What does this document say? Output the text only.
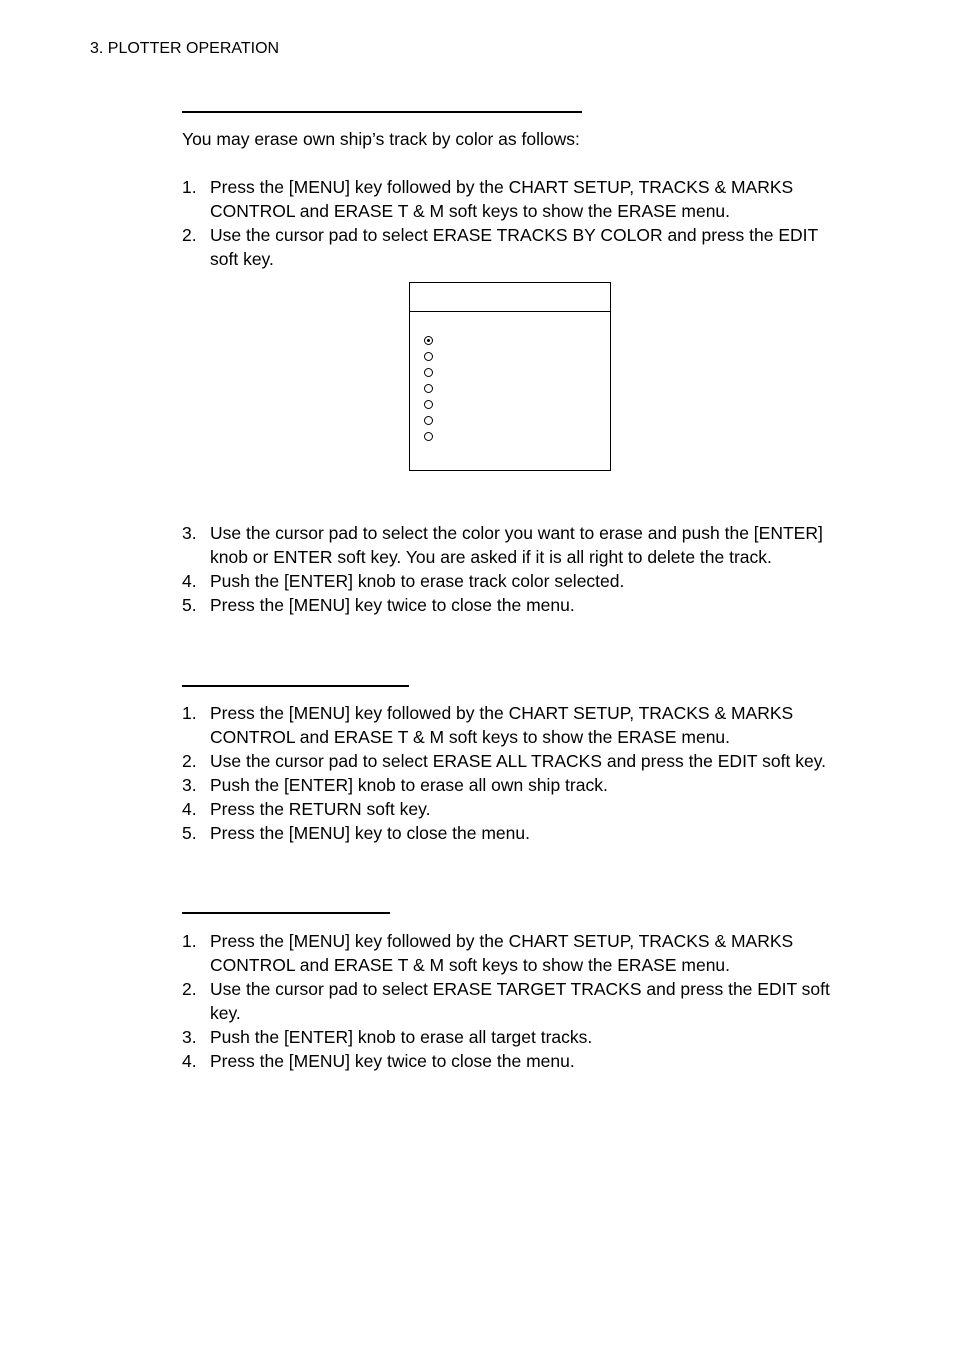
3. PLOTTER OPERATION
You may erase own ship’s track by color as follows:
1. Press the [MENU] key followed by the CHART SETUP, TRACKS & MARKS CONTROL and ERASE T & M soft keys to show the ERASE menu.
2. Use the cursor pad to select ERASE TRACKS BY COLOR and press the EDIT soft key.
3. Use the cursor pad to select the color you want to erase and push the [ENTER] knob or ENTER soft key. You are asked if it is all right to delete the track.
4. Push the [ENTER] knob to erase track color selected.
5. Press the [MENU] key twice to close the menu.
1. Press the [MENU] key followed by the CHART SETUP, TRACKS & MARKS CONTROL and ERASE T & M soft keys to show the ERASE menu.
2. Use the cursor pad to select ERASE ALL TRACKS and press the EDIT soft key.
3. Push the [ENTER] knob to erase all own ship track.
4. Press the RETURN soft key.
5. Press the [MENU] key to close the menu.
1. Press the [MENU] key followed by the CHART SETUP, TRACKS & MARKS CONTROL and ERASE T & M soft keys to show the ERASE menu.
2. Use the cursor pad to select ERASE TARGET TRACKS and press the EDIT soft key.
3. Push the [ENTER] knob to erase all target tracks.
4. Press the [MENU] key twice to close the menu.
